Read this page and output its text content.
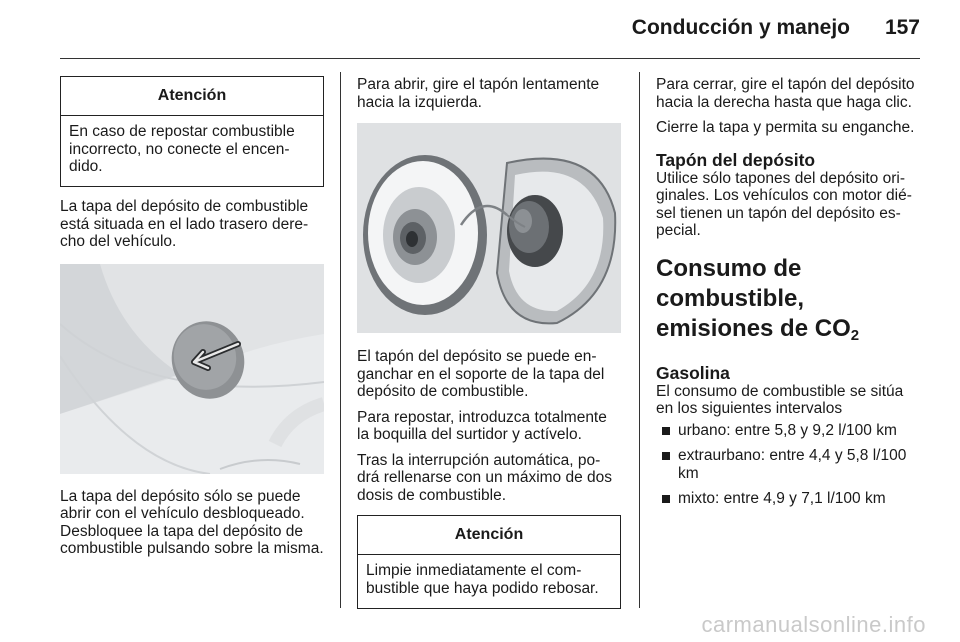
Conducción y manejo	157
Atención
En caso de repostar combustible incorrecto, no conecte el encen-dido.

La tapa del depósito de combustible está situada en el lado trasero dere-cho del vehículo.

La tapa del depósito sólo se puede abrir con el vehículo desbloqueado. Desbloquee la tapa del depósito de combustible pulsando sobre la misma.

Para abrir, gire el tapón lentamente hacia la izquierda.

El tapón del depósito se puede en-ganchar en el soporte de la tapa del depósito de combustible.

Para repostar, introduzca totalmente la boquilla del surtidor y actívelo.

Tras la interrupción automática, po-drá rellenarse con un máximo de dos dosis de combustible.

Atención
Limpie inmediatamente el com-bustible que haya podido rebosar.

Para cerrar, gire el tapón del depósito hacia la derecha hasta que haga clic.

Cierre la tapa y permita su enganche.

Tapón del depósito

Utilice sólo tapones del depósito ori-ginales. Los vehículos con motor dié-sel tienen un tapón del depósito es-pecial.

Consumo de combustible,

emisiones de $CO_2$

Gasolina

El consumo de combustible se sitúa en los siguientes intervalos

urbano: entre 5,8 y 9,2 l/100 km
extraurbano: entre 4,4 y 5,8 l/100 km
mixto: entre 4,9 y 7,1 l/100 km
carmanualsonline.info
